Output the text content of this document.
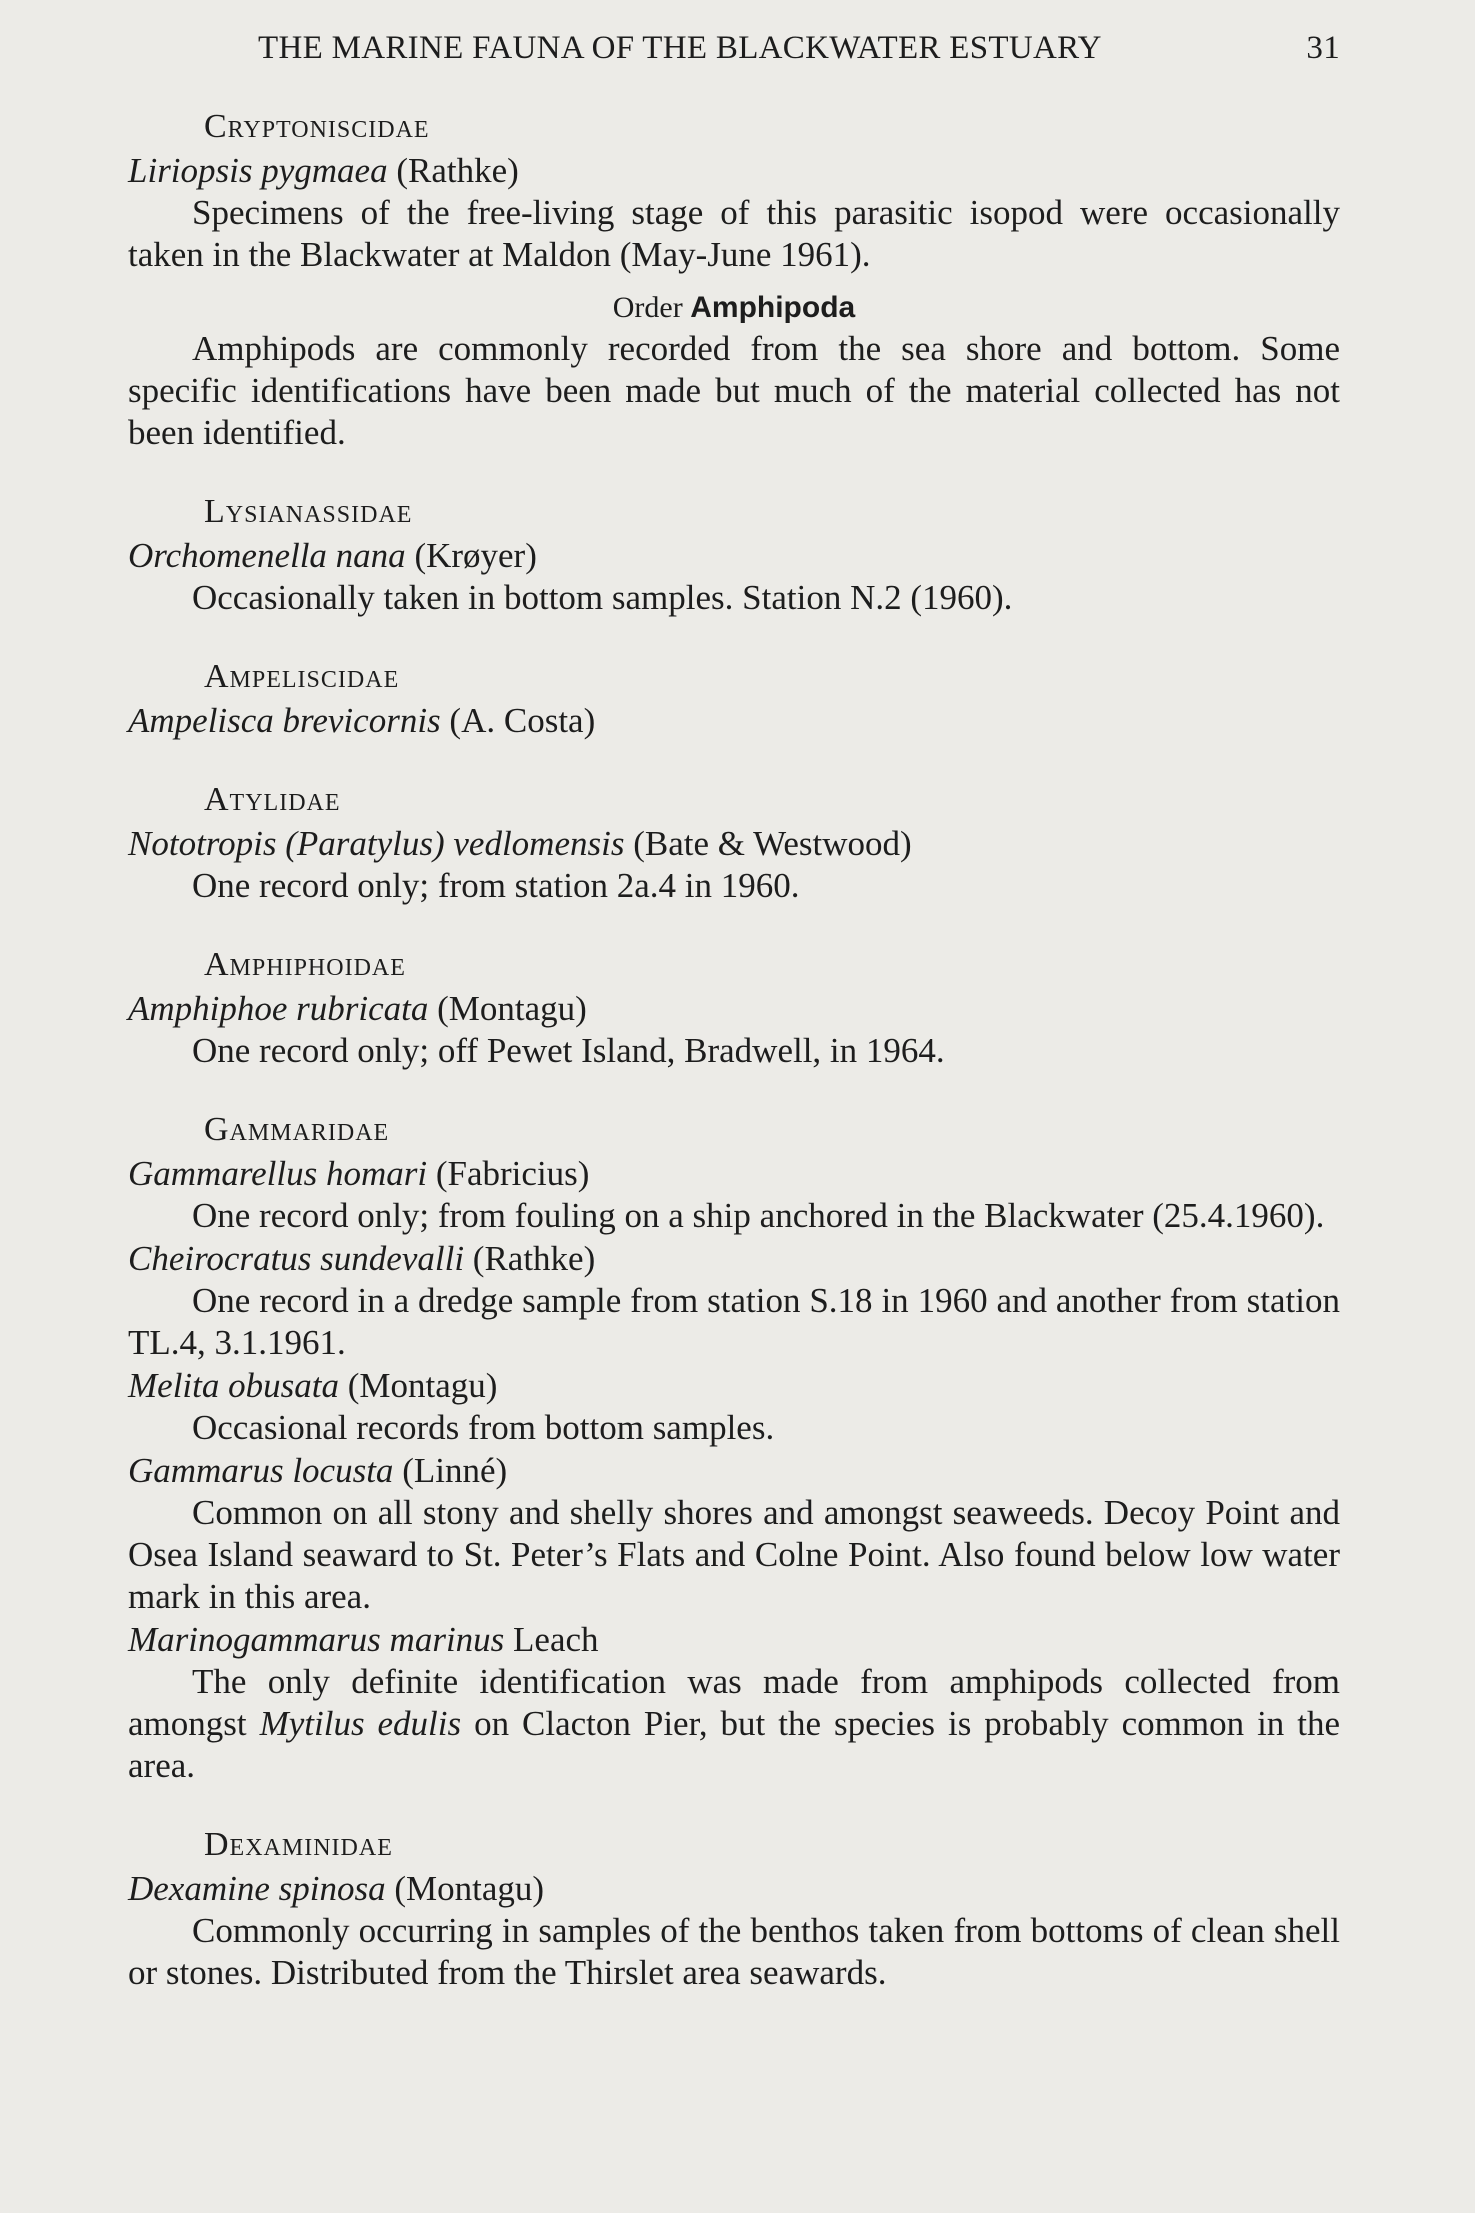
THE MARINE FAUNA OF THE BLACKWATER ESTUARY	31
Cryptoniscidae
Liriopsis pygmaea (Rathke)
Specimens of the free-living stage of this parasitic isopod were occasionally taken in the Blackwater at Maldon (May-June 1961).
Order Amphipoda
Amphipods are commonly recorded from the sea shore and bottom. Some specific identifications have been made but much of the material collected has not been identified.
Lysianassidae
Orchomenella nana (Krøyer)
Occasionally taken in bottom samples. Station N.2 (1960).
Ampeliscidae
Ampelisca brevicornis (A. Costa)
Atylidae
Nototropis (Paratylus) vedlomensis (Bate & Westwood)
One record only; from station 2a.4 in 1960.
Amphiphoidae
Amphiphoe rubricata (Montagu)
One record only; off Pewet Island, Bradwell, in 1964.
Gammaridae
Gammarellus homari (Fabricius)
One record only; from fouling on a ship anchored in the Blackwater (25.4.1960).
Cheirocratus sundevalli (Rathke)
One record in a dredge sample from station S.18 in 1960 and another from station TL.4, 3.1.1961.
Melita obusata (Montagu)
Occasional records from bottom samples.
Gammarus locusta (Linné)
Common on all stony and shelly shores and amongst seaweeds. Decoy Point and Osea Island seaward to St. Peter’s Flats and Colne Point. Also found below low water mark in this area.
Marinogammarus marinus Leach
The only definite identification was made from amphipods collected from amongst Mytilus edulis on Clacton Pier, but the species is probably common in the area.
Dexaminidae
Dexamine spinosa (Montagu)
Commonly occurring in samples of the benthos taken from bottoms of clean shell or stones. Distributed from the Thirslet area seawards.
